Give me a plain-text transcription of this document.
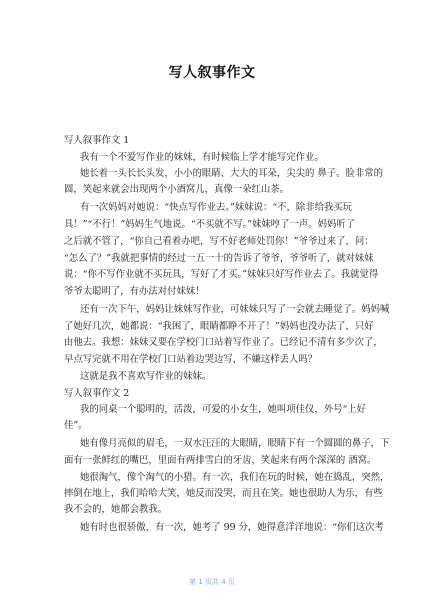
写人叙事作文
写人叙事作文 1
我有一个不爱写作业的妹妹，有时候临上学才能写完作业。
她长着一头长长头发，小小的眼睛、大大的耳朵，尖尖的 鼻子。脸非常的
圆，笑起来就会出现两个小酒窝儿，真像一朵红山茶。
有一次妈妈对她说：“快点写作业去。”妹妹说：“不，除非给我买玩
具！”“不行！”妈妈生气地说。“不买就不写。”妹妹哼了一声。妈妈听了
之后就不管了，“你自己看着办吧，写不好老师处罚你！”爷爷过来了，问：
“怎么了？”我就把事情的经过一五一十的告诉了爷爷，爷爷听了，就对妹妹
说：“你不写作业就不买玩具，写好了才买。”妹妹只好写作业去了。我就觉得
爷爷太聪明了，有办法对付妹妹！
还有一次下午，妈妈让妹妹写作业，可妹妹只写了一会就去睡觉了。妈妈喊
了她好几次，她都说：“我困了，眼睛都睁不开了！”妈妈也没办法了，只好
由他去。我想：妹妹又要在学校门口站着写作业了。已经记不清有多少次了，
早点写完就不用在学校门口站着边哭边写，不嫌这样丢人吗？
这就是我不喜欢写作业的妹妹。
写人叙事作文 2
我的同桌一个聪明的，活泼，可爱的小女生，她叫项佳仪，外号“上好
佳”。
她有像月亮似的眉毛，一双水汪汪的大眼睛，眼睛下有一个圆圆的鼻子，下
面有一张鲜红的嘴巴，里面有两排雪白的牙齿，笑起来有两个深深的 酒窝。
她很淘气，像个淘气的小猎。有一次，我们在玩的时候，她在捣乱，突然，
摔倒在地上，我们哈哈大笑，她反而没哭，而且在笑。她也很助人为乐，有些
我不会的，她都会教我。
她有时也很骄傲，有一次，她考了 99 分，她得意洋洋地说：“你们这次考
第 1 页共 4 页
